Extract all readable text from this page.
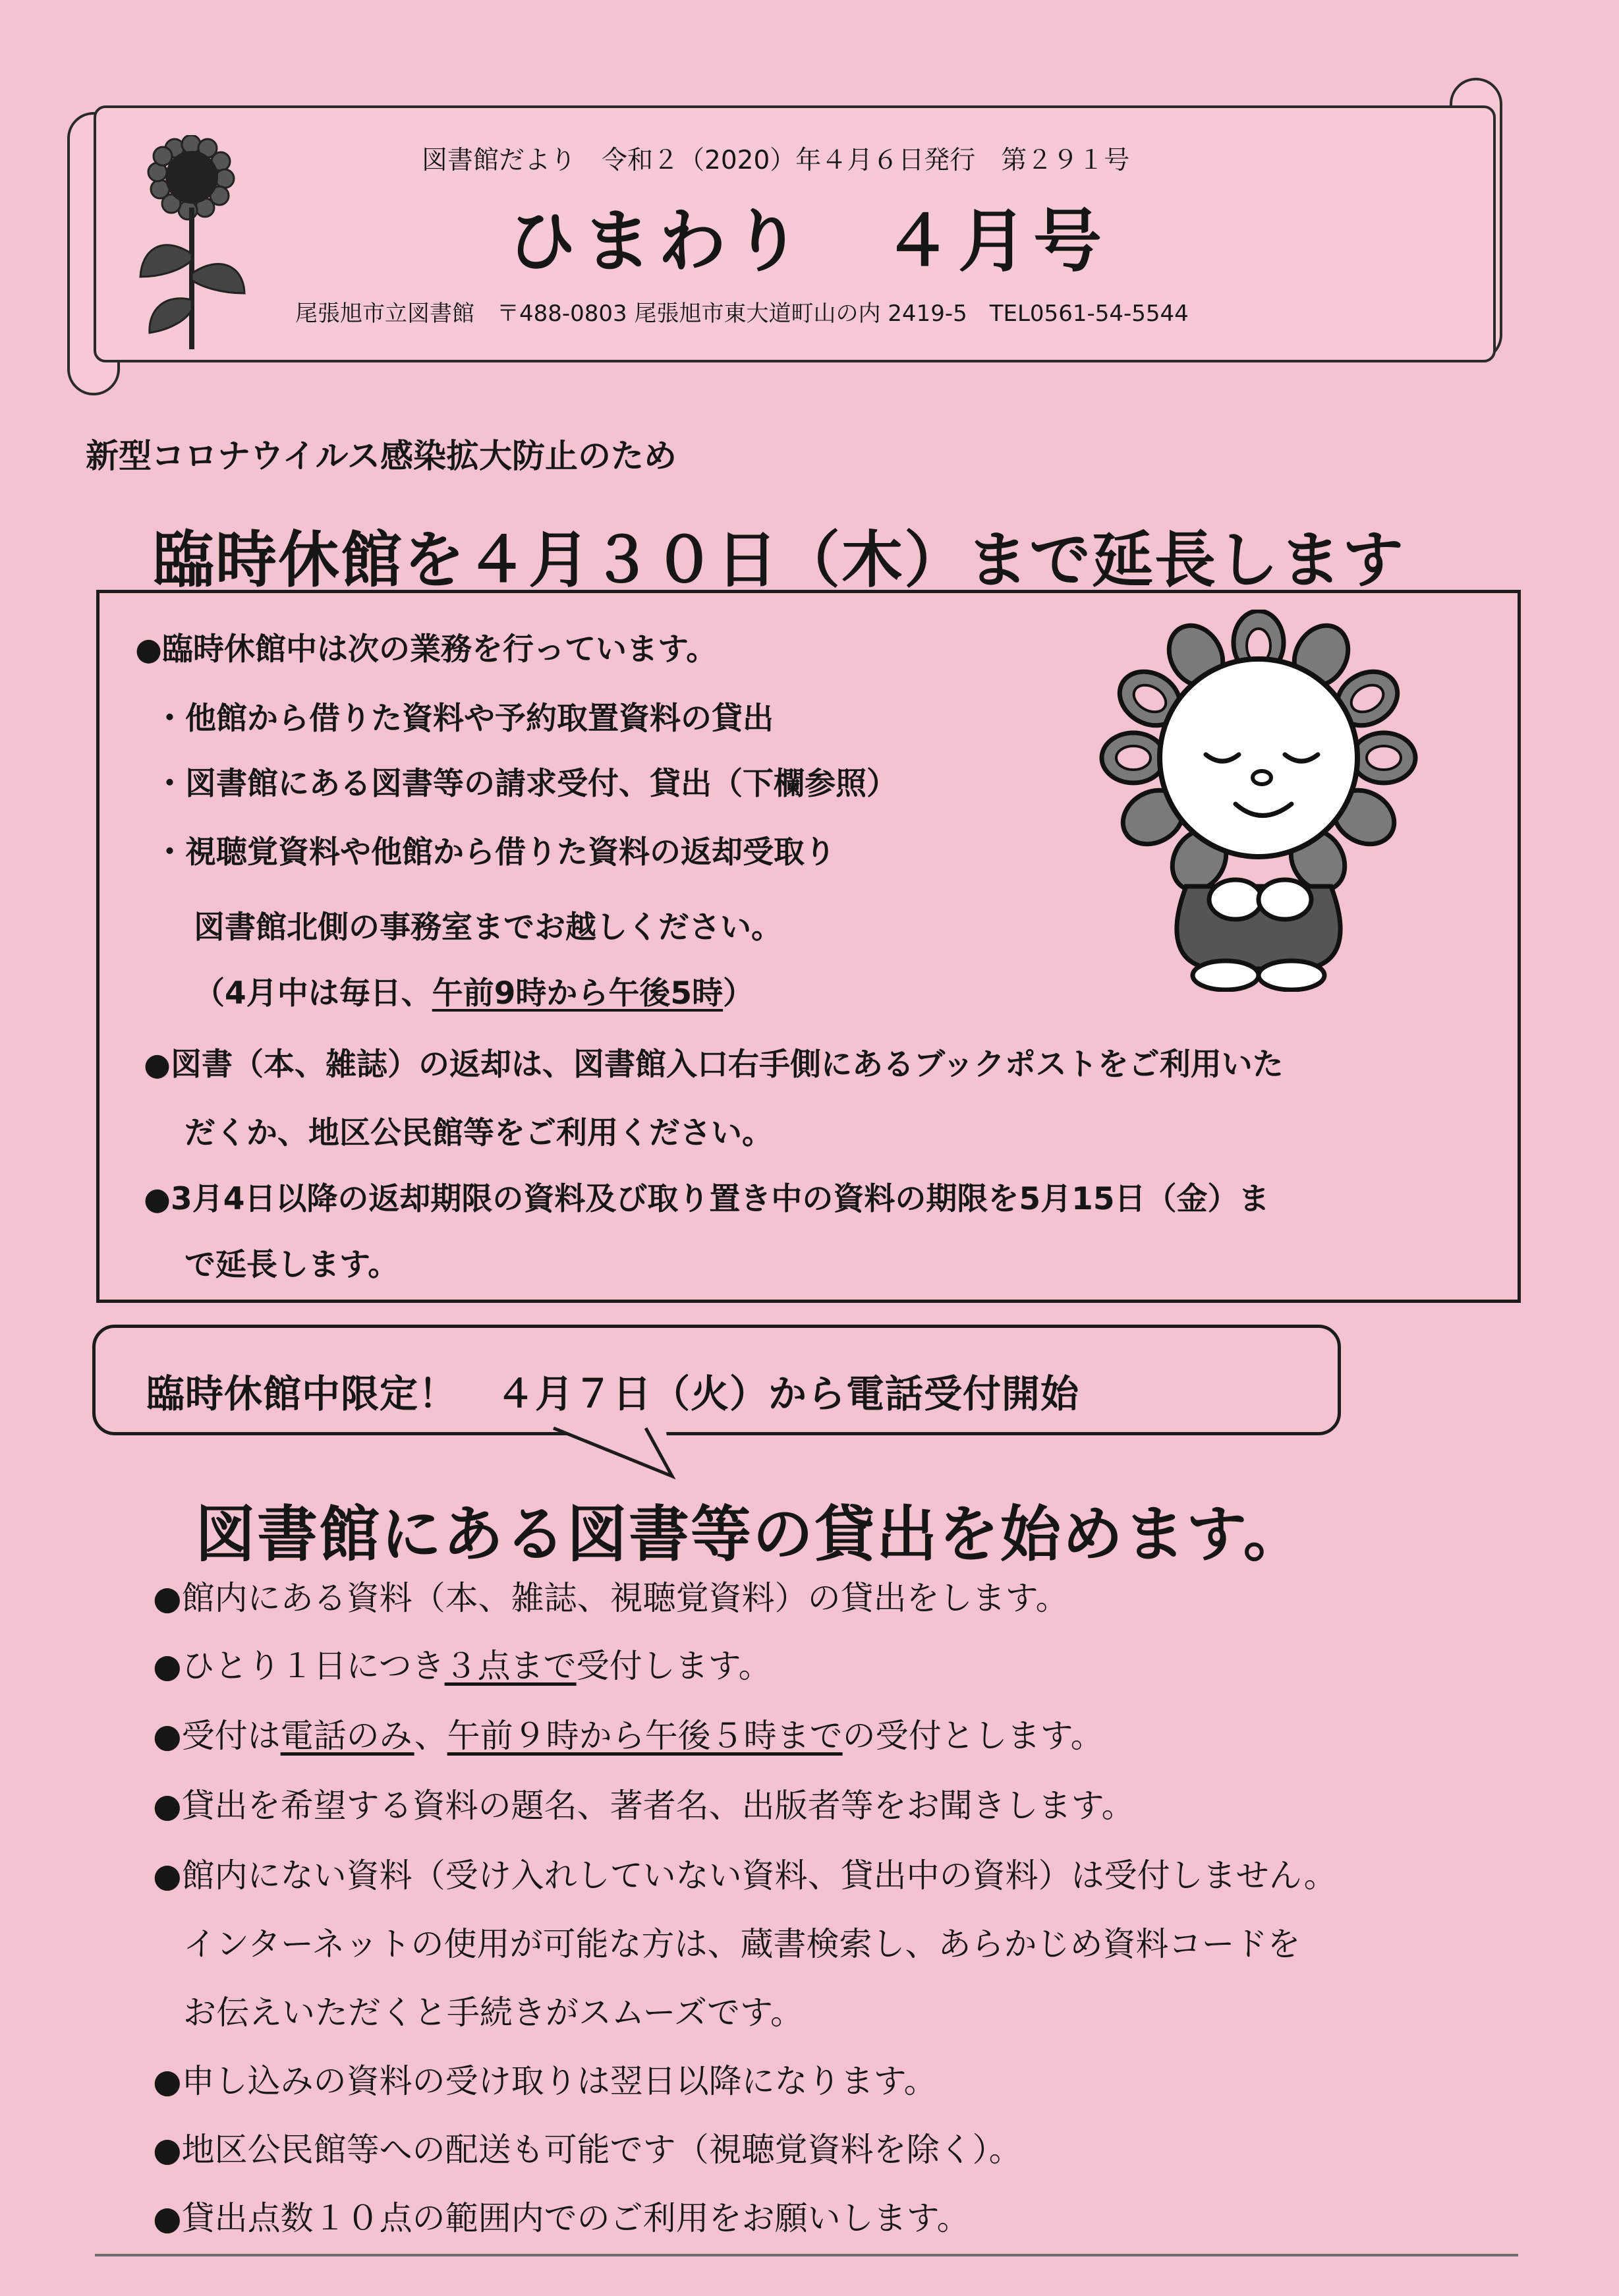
図書館だより　令和２（2020）年４月６日発行　第２９１号
ひまわり　４月号
尾張旭市立図書館　〒488-0803 尾張旭市東大道町山の内 2419-5　TEL0561-54-5544
新型コロナウイルス感染拡大防止のため
臨時休館を４月３０日（木）まで延長します
●臨時休館中は次の業務を行っています。
・他館から借りた資料や予約取置資料の貸出
・図書館にある図書等の請求受付、貸出（下欄参照）
・視聴覚資料や他館から借りた資料の返却受取り
図書館北側の事務室までお越しください。
（4月中は毎日、午前9時から午後5時）
●図書（本、雑誌）の返却は、図書館入口右手側にあるブックポストをご利用いた
だくか、地区公民館等をご利用ください。
●3月4日以降の返却期限の資料及び取り置き中の資料の期限を5月15日（金）ま
で延長します。
臨時休館中限定！　４月７日（火）から電話受付開始
図書館にある図書等の貸出を始めます。
●館内にある資料（本、雑誌、視聴覚資料）の貸出をします。
●ひとり１日につき３点まで受付します。
●受付は電話のみ、午前９時から午後５時までの受付とします。
●貸出を希望する資料の題名、著者名、出版者等をお聞きします。
●館内にない資料（受け入れしていない資料、貸出中の資料）は受付しません。
インターネットの使用が可能な方は、蔵書検索し、あらかじめ資料コードを
お伝えいただくと手続きがスムーズです。
●申し込みの資料の受け取りは翌日以降になります。
●地区公民館等への配送も可能です（視聴覚資料を除く）。
●貸出点数１０点の範囲内でのご利用をお願いします。
